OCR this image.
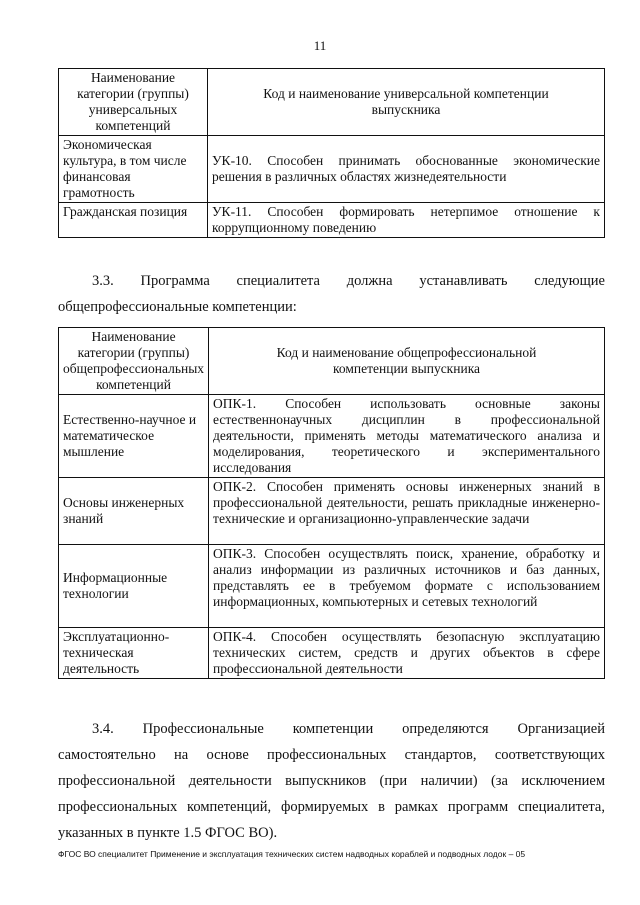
11
Наименование категории (группы) универсальных компетенций	Код и наименование универсальной компетенции выпускника
Экономическая культура, в том числе финансовая грамотность	УК-10. Способен принимать обоснованные экономические решения в различных областях жизнедеятельности
Гражданская позиция	УК-11. Способен формировать нетерпимое отношение к коррупционному поведению
3.3. Программа специалитета должна устанавливать следующие общепрофессиональные компетенции:
Наименование категории (группы) общепрофессиональных компетенций	Код и наименование общепрофессиональной компетенции выпускника
Естественно-научное и математическое мышление	ОПК-1. Способен использовать основные законы естественнонаучных дисциплин в профессиональной деятельности, применять методы математического анализа и моделирования, теоретического и экспериментального исследования
Основы инженерных знаний	ОПК-2. Способен применять основы инженерных знаний в профессиональной деятельности, решать прикладные инженерно-технические и организационно-управленческие задачи
Информационные технологии	ОПК-3. Способен осуществлять поиск, хранение, обработку и анализ информации из различных источников и баз данных, представлять ее в требуемом формате с использованием информационных, компьютерных и сетевых технологий
Эксплуатационно-техническая деятельность	ОПК-4. Способен осуществлять безопасную эксплуатацию технических систем, средств и других объектов в сфере профессиональной деятельности
3.4. Профессиональные компетенции определяются Организацией самостоятельно на основе профессиональных стандартов, соответствующих профессиональной деятельности выпускников (при наличии) (за исключением профессиональных компетенций, формируемых в рамках программ специалитета, указанных в пункте 1.5 ФГОС ВО).
ФГОС ВО специалитет Применение и эксплуатация технических систем надводных кораблей и подводных лодок – 05
